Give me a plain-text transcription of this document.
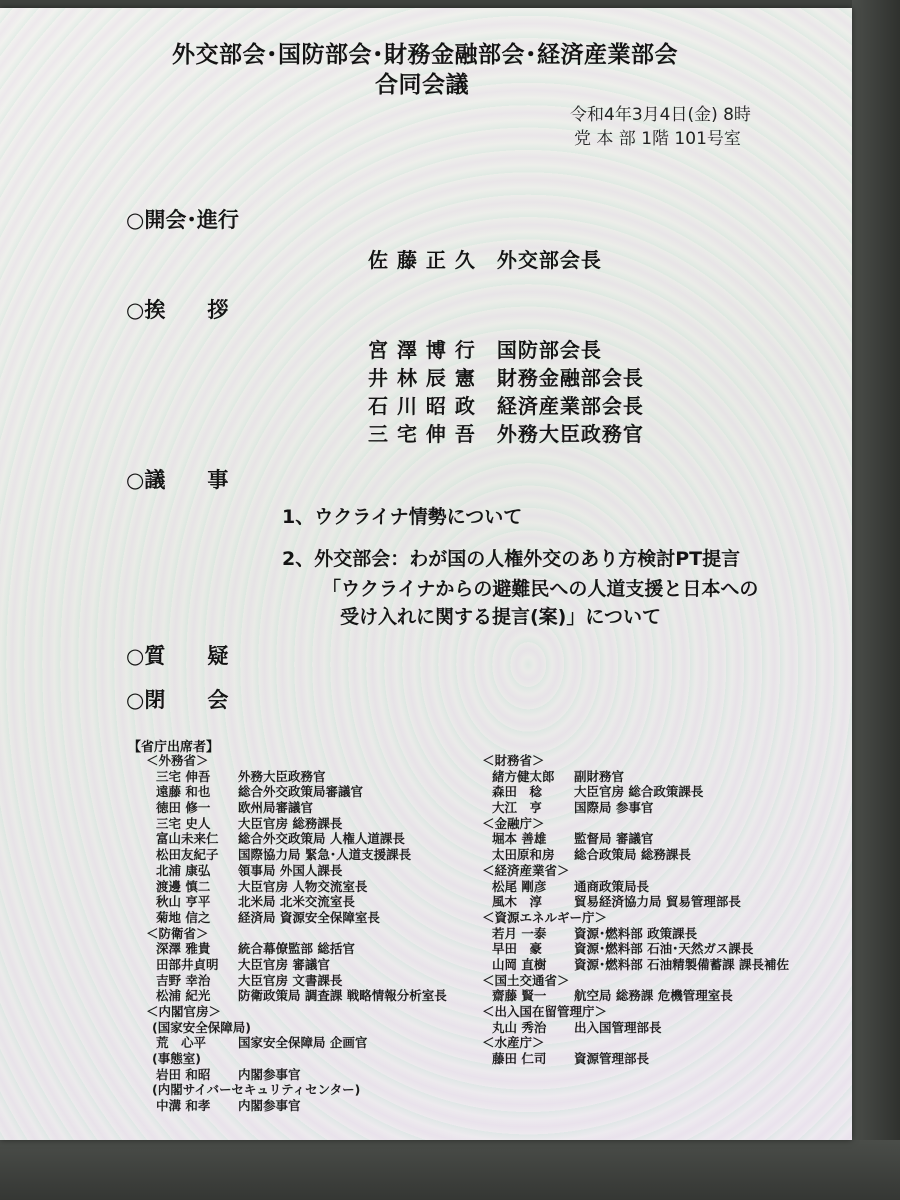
外交部会･国防部会･財務金融部会･経済産業部会
合同会議
令和4年3月4日(金) 8時
党 本 部 1階 101号室
○開会･進行
佐 藤 正 久　外交部会長
○挨　　拶
宮 澤 博 行　国防部会長
井 林 辰 憲　財務金融部会長
石 川 昭 政　経済産業部会長
三 宅 伸 吾　外務大臣政務官
○議　　事
1、ウクライナ情勢について
2、外交部会：わが国の人権外交のあり方検討PT提言
「ウクライナからの避難民への人道支援と日本への
受け入れに関する提言(案)」について
○質　　疑
○閉　　会
【省庁出席者】
＜外務省＞
三宅 伸吾 外務大臣政務官
遠藤 和也 総合外交政策局審議官
徳田 修一 欧州局審議官
三宅 史人 大臣官房 総務課長
富山未来仁 総合外交政策局 人権人道課長
松田友紀子 国際協力局 緊急･人道支援課長
北浦 康弘 領事局 外国人課長
渡邊 慎二 大臣官房 人物交流室長
秋山 亨平 北米局 北米交流室長
菊地 信之 経済局 資源安全保障室長
＜防衛省＞
深澤 雅貴 統合幕僚監部 総括官
田部井貞明 大臣官房 審議官
吉野 幸治 大臣官房 文書課長
松浦 紀光 防衛政策局 調査課 戦略情報分析室長
＜内閣官房＞
(国家安全保障局)
荒　心平	国家安全保障局 企画官
(事態室)
岩田 和昭 内閣参事官
(内閣サイバーセキュリティセンター)
中溝 和孝 内閣参事官
＜財務省＞
緒方健太郎 副財務官
森田　稔	大臣官房 総合政策課長
大江　亨	国際局 参事官
＜金融庁＞
堀本 善雄 監督局 審議官
太田原和房 総合政策局 総務課長
＜経済産業省＞
松尾 剛彦 通商政策局長
風木　淳	貿易経済協力局 貿易管理部長
＜資源エネルギー庁＞
若月 一泰 資源･燃料部 政策課長
早田　豪	資源･燃料部 石油･天然ガス課長
山岡 直樹 資源･燃料部 石油精製備蓄課 課長補佐
＜国土交通省＞
齋藤 賢一 航空局 総務課 危機管理室長
＜出入国在留管理庁＞
丸山 秀治 出入国管理部長
＜水産庁＞
藤田 仁司 資源管理部長
